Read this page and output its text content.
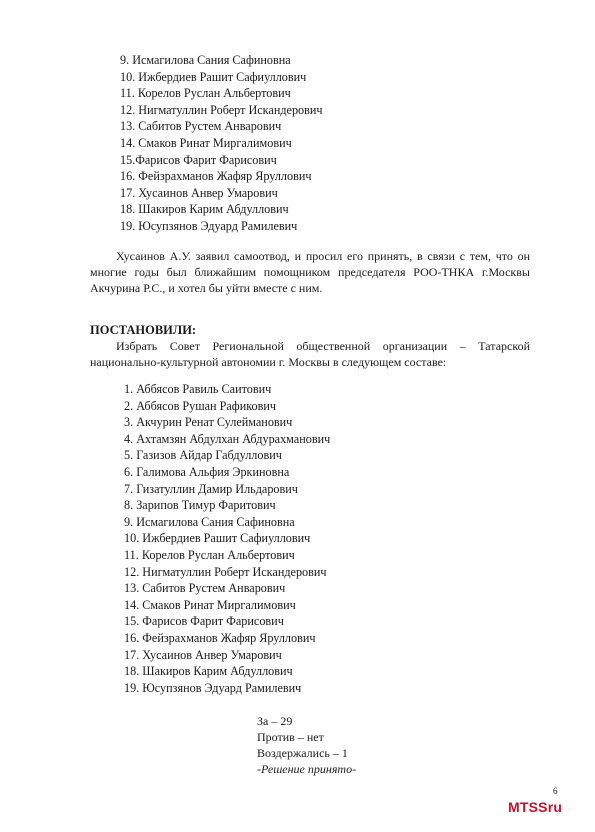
9. Исмагилова Сания Сафиновна
10. Ижбердиев Рашит Сафиуллович
11. Корелов Руслан Альбертович
12. Нигматуллин Роберт Искандерович
13. Сабитов Рустем Анварович
14. Смаков Ринат Миргалимович
15.Фарисов Фарит Фарисович
16. Фейзрахманов Жафяр Яруллович
17. Хусаинов Анвер Умарович
18. Шакиров Карим Абдуллович
19. Юсупзянов Эдуард Рамилевич

Хусаинов А.У. заявил самоотвод, и просил его принять, в связи с тем, что он многие годы был ближайшим помощником председателя РОО-ТНКА г.Москвы Акчурина Р.С., и хотел бы уйти вместе с ним.

ПОСТАНОВИЛИ:

Избрать Совет Региональной общественной организации – Татарской национально-культурной автономии г. Москвы в следующем составе:

1. Аббясов Равиль Саитович
2. Аббясов Рушан Рафикович
3. Акчурин Ренат Сулейманович
4. Ахтамзян Абдулхан Абдурахманович
5. Газизов Айдар Габдуллович
6. Галимова Альфия Эркиновна
7. Гизатуллин Дамир Ильдарович
8. Зарипов Тимур Фаритович
9. Исмагилова Сания Сафиновна
10. Ижбердиев Рашит Сафиуллович
11. Корелов Руслан Альбертович
12. Нигматуллин Роберт Искандерович
13. Сабитов Рустем Анварович
14. Смаков Ринат Миргалимович
15. Фарисов Фарит Фарисович
16. Фейзрахманов Жафяр Яруллович
17. Хусаинов Анвер Умарович
18. Шакиров Карим Абдуллович
19. Юсупзянов Эдуард Рамилевич
За – 29
Против – нет
Воздержались – 1
-Решение принято-
6
MTSSru
